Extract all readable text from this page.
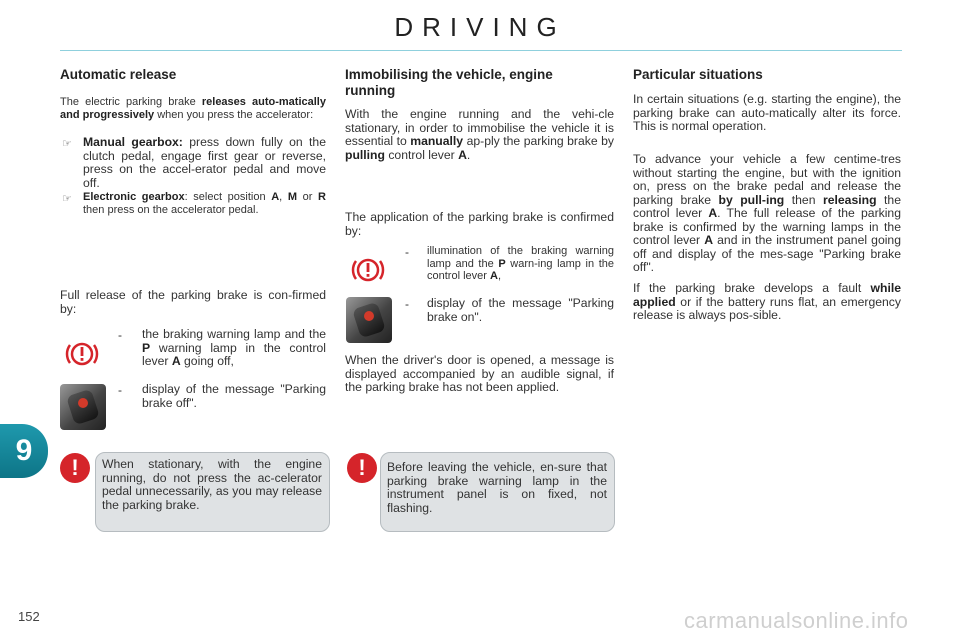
DRIVING
9
152
Automatic release

The electric parking brake releases auto-matically and progressively when you press the accelerator:

☞ Manual gearbox: press down fully on the clutch pedal, engage first gear or reverse, press on the accel-erator pedal and move off.

☞ Electronic gearbox: select position A, M or R then press on the accelerator pedal.

Full release of the parking brake is con-firmed by:

- the braking warning lamp and the P warning lamp in the control lever A going off,

- display of the message "Parking brake off".

!	When stationary, with the engine running, do not press the ac-celerator pedal unnecessarily, as you may release the parking brake.

Immobilising the vehicle, engine running

With the engine running and the vehi-cle stationary, in order to immobilise the vehicle it is essential to manually ap-ply the parking brake by pulling control lever A.

The application of the parking brake is confirmed by:

- illumination of the braking warning lamp and the P warn-ing lamp in the control lever A,

- display of the message "Parking brake on".

When the driver's door is opened, a message is displayed accompanied by an audible signal, if the parking brake has not been applied.

!	Before leaving the vehicle, en-sure that parking brake warning lamp in the instrument panel is on fixed, not flashing.

Particular situations

In certain situations (e.g. starting the engine), the parking brake can auto-matically alter its force. This is normal operation.

To advance your vehicle a few centime-tres without starting the engine, but with the ignition on, press on the brake pedal and release the parking brake by pull-ing then releasing the control lever A. The full release of the parking brake is confirmed by the warning lamps in the control lever A and in the instrument panel going off and display of the mes-sage "Parking brake off".

If the parking brake develops a fault while applied or if the battery runs flat, an emergency release is always pos-sible.

carmanualsonline.info
